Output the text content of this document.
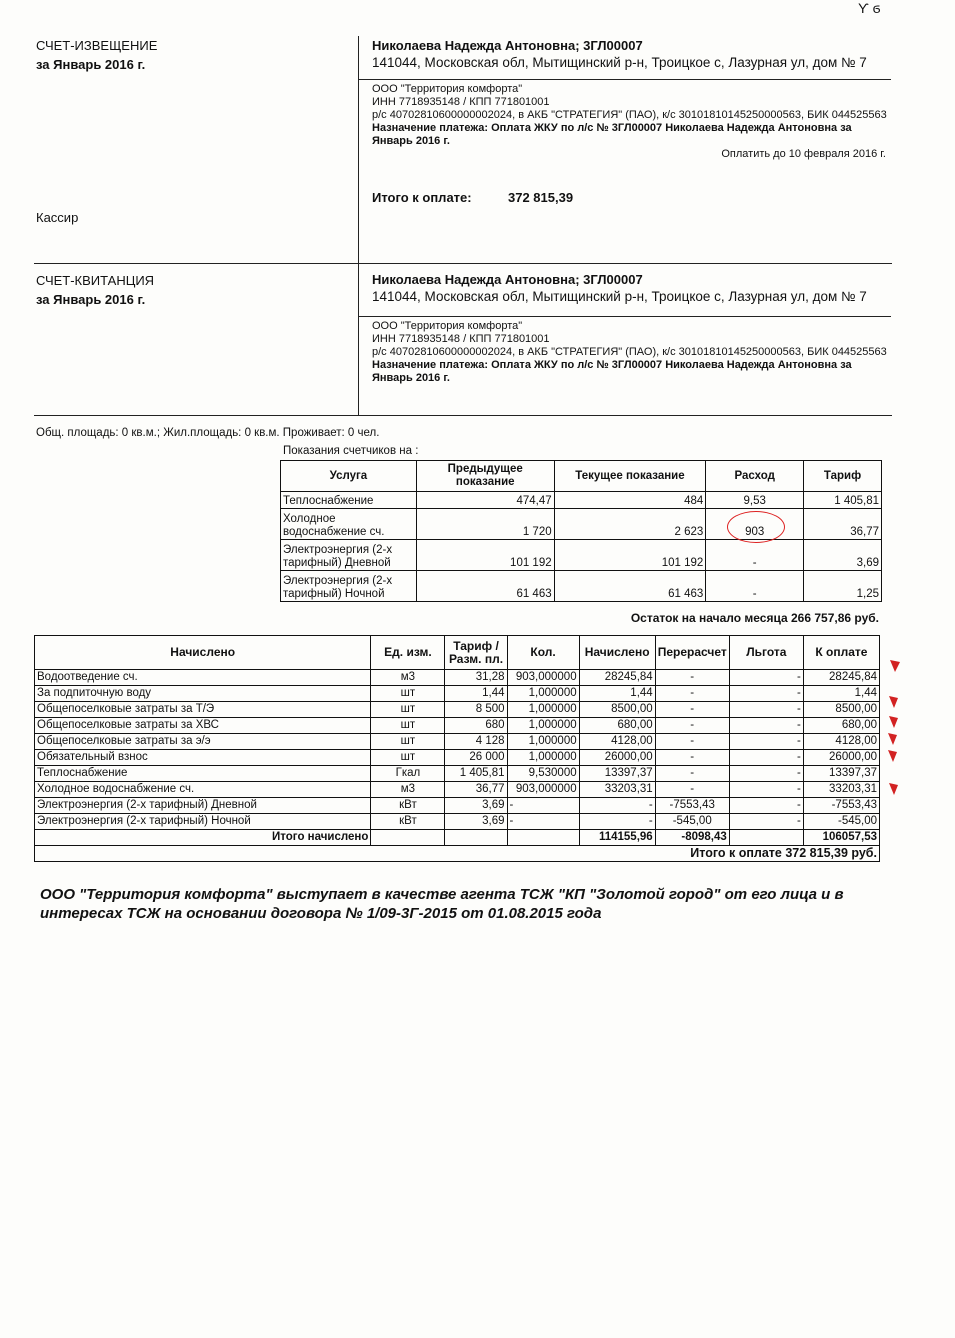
ϒ ϭ
СЧЕТ-ИЗВЕЩЕНИЕ
за Январь 2016 г.
Кассир
Николаева Надежда Антоновна; 3ГЛ00007
141044, Московская обл, Мытищинский р-н, Троицкое с, Лазурная ул, дом № 7
ООО "Территория комфорта"
ИНН 7718935148 / КПП 771801001
р/с 40702810600000002024, в АКБ "СТРАТЕГИЯ" (ПАО), к/с 30101810145250000563, БИК 044525563
Назначение платежа: Оплата ЖКУ по л/с № 3ГЛ00007 Николаева Надежда Антоновна за Январь 2016 г.
Оплатить до 10 февраля 2016 г.
Итого к оплате:	372 815,39
СЧЕТ-КВИТАНЦИЯ
за Январь 2016 г.
Николаева Надежда Антоновна; 3ГЛ00007
141044, Московская обл, Мытищинский р-н, Троицкое с, Лазурная ул, дом № 7
ООО "Территория комфорта"
ИНН 7718935148 / КПП 771801001
р/с 40702810600000002024, в АКБ "СТРАТЕГИЯ" (ПАО), к/с 30101810145250000563, БИК 044525563
Назначение платежа: Оплата ЖКУ по л/с № 3ГЛ00007 Николаева Надежда Антоновна за Январь 2016 г.
Общ. площадь: 0 кв.м.; Жил.площадь: 0 кв.м. Проживает: 0 чел.
Показания счетчиков на :
Услуга	Предыдущее показание	Текущее показание	Расход	Тариф
Теплоснабжение	474,47	484	9,53	1 405,81
Холодное водоснабжение сч.	1 720	2 623	903	36,77
Электроэнергия (2-х тарифный) Дневной	101 192	101 192	-	3,69
Электроэнергия (2-х тарифный) Ночной	61 463	61 463	-	1,25
Остаток на начало месяца 266 757,86 руб.
Начислено	Ед. изм.	Тариф / Разм. пл.	Кол.	Начислено	Перерасчет	Льгота	К оплате
Водоотведение сч.	м3	31,28	903,000000	28245,84	-	-	28245,84
За подпиточную воду	шт	1,44	1,000000	1,44	-	-	1,44
Общепоселковые затраты за Т/Э	шт	8 500	1,000000	8500,00	-	-	8500,00
Общепоселковые затраты за ХВС	шт	680	1,000000	680,00	-	-	680,00
Общепоселковые затраты за э/э	шт	4 128	1,000000	4128,00	-	-	4128,00
Обязательный взнос	шт	26 000	1,000000	26000,00	-	-	26000,00
Теплоснабжение	Гкал	1 405,81	9,530000	13397,37	-	-	13397,37
Холодное водоснабжение сч.	м3	36,77	903,000000	33203,31	-	-	33203,31
Электроэнергия (2-х тарифный) Дневной	кВт	3,69	-	-	-7553,43	-	-7553,43
Электроэнергия (2-х тарифный) Ночной	кВт	3,69	-	-	-545,00	-	-545,00
Итого начислено				114155,96	-8098,43		106057,53
Итого к оплате 372 815,39 руб.							
ООО "Территория комфорта" выступает в качестве агента ТСЖ "КП "Золотой город" от его лица и в интересах ТСЖ на основании договора № 1/09-3Г-2015 от 01.08.2015 года
